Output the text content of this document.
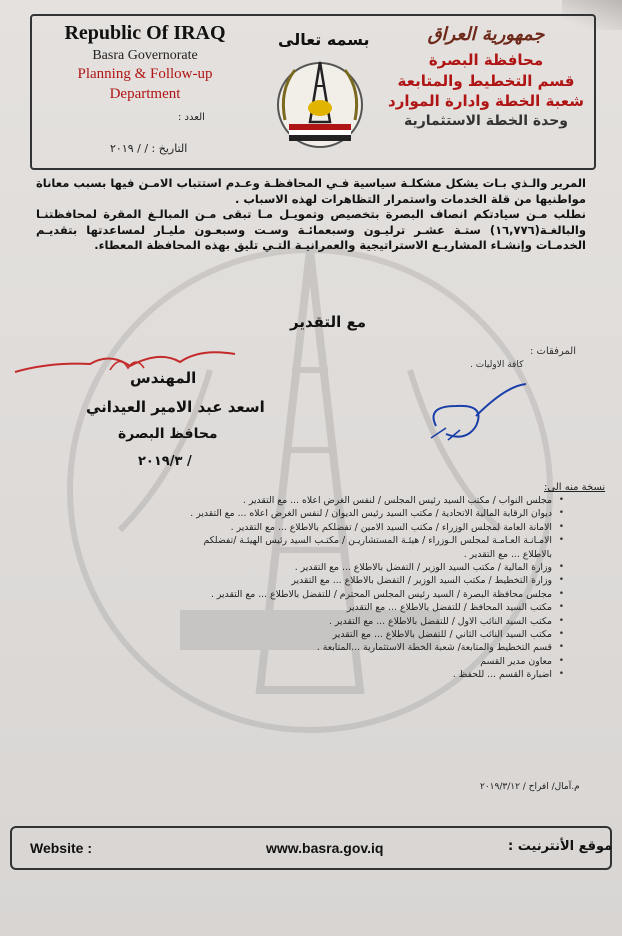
Republic Of IRAQ
Basra Governorate
Planning & Follow-up
Department
بسمه تعالى	جمهورية العراق
محافظة البصرة
قسم التخطيط والمتابعة
شعبة الخطة وادارة الموارد
وحدة الخطة الاستثمارية
العدد :
التاريخ : / / ٢٠١٩

المرير والـذي بـات يشكل مشكلـة سياسية فـي المحافظـة وعـدم استتباب الامـن فيها بسبب معاناة مواطنيها من قلة الخدمات واستمرار التظاهرات لهذه الاسباب .

نطلب مـن سيادتكم انصاف البصرة بتخصيص وتمويـل مـا تبقى مـن المبالـغ المقرة لمحافظتنـا والبالغـة(١٦,٧٧٦) ستـة عشـر ترليـون وسبعمائـة وسـت وسبعـون مليـار لمساعدتها بتقديـم الخدمـات وإنشـاء المشاريـع الاستراتيجية والعمرانيـة التـي تليق بهذه المحافظة المعطاء.

مع التقدير
المرفقات :
كافة الاوليات .
المهندس
اسعد عبد الامير العيداني
محافظ البصرة
/ ٢٠١٩/٣
نسخة منه الى:
• مجلس النواب / مكتب السيد رئيس المجلس / لنفس الغرض اعلاه ... مع التقدير .
• ديوان الرقابة المالية الاتحادية / مكتب السيد رئيس الديوان / لنفس الغرض اعلاه ... مع التقدير .
• الامانة العامة لمجلس الوزراء / مكتب السيد الامين / تفضلكم بالاطلاع ... مع التقدير .
• الامـانـة العـامـة لمجلس الـوزراء / هيئـة المستشاريـن / مكتـب السيد رئيس الهيئـة /تفضلكم
بالاطلاع ... مع التقدير .
• وزارة المالية / مكتب السيد الوزير / التفضل بالاطلاع ... مع التقدير .
• وزارة التخطيط / مكتب السيد الوزير / التفضل بالاطلاع ... مع التقدير
• مجلس محافظة البصرة / السيد رئيس المجلس المحترم / للتفضل بالاطلاع ... مع التقدير .
• مكتب السيد المحافظ / للتفضل بالاطلاع ... مع التقدير
• مكتب السيد النائب الاول / للتفضل بالاطلاع ... مع التقدير .
• مكتب السيد النائب الثاني / للتفضل بالاطلاع ... مع التقدير
• قسم التخطيط والمتابعة/ شعبة الخطة الاستثمارية ...المتابعة .
• معاون مدير القسم
• اضبارة القسم ... للحفظ .
م.آمال/ افراح / ٢٠١٩/٣/١٢
Website :	www.basra.gov.iq	موقع الأنترنيت :
